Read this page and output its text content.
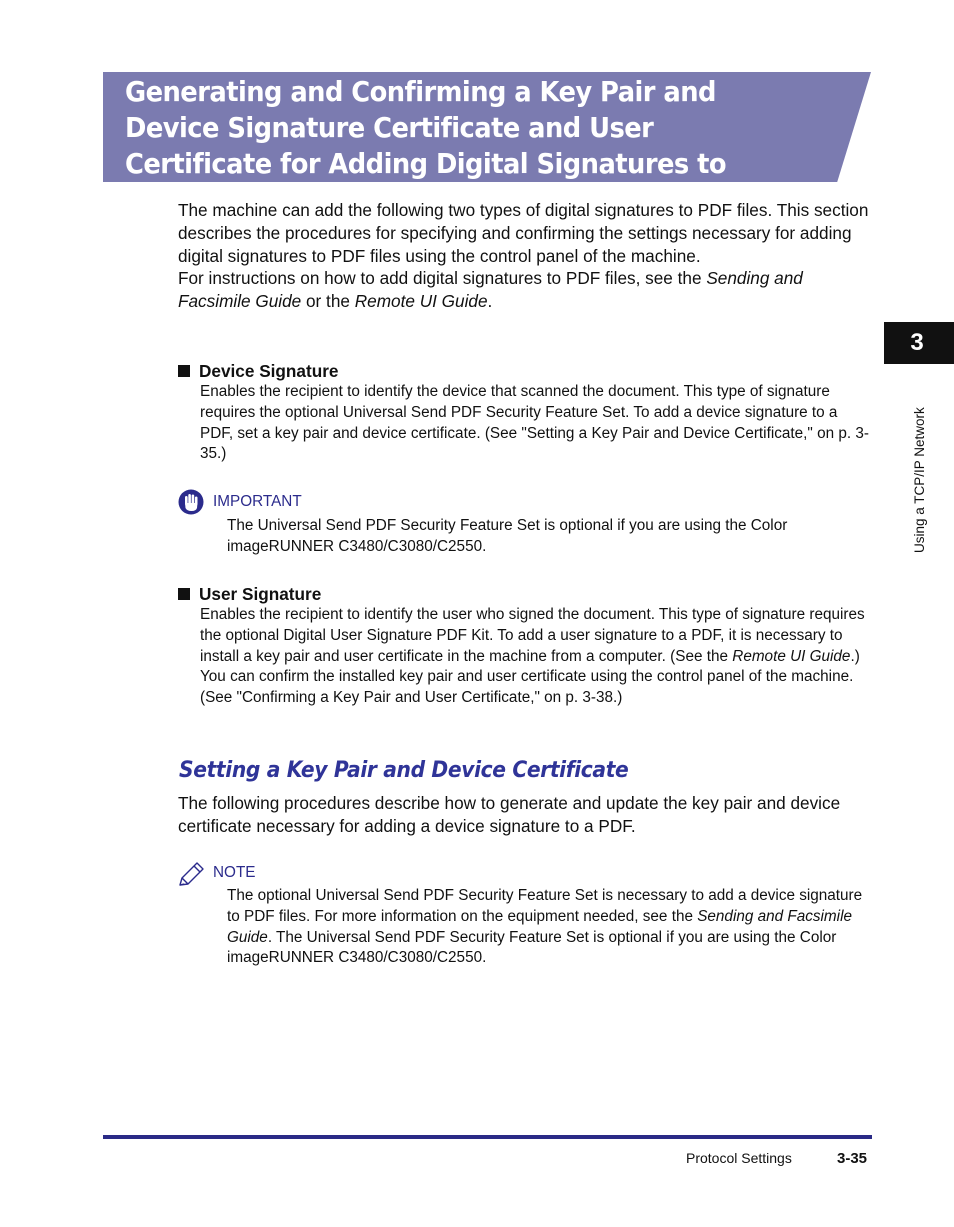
Generating and Confirming a Key Pair and Device Signature Certificate and User Certificate for Adding Digital Signatures to PDF Files

The machine can add the following two types of digital signatures to PDF files. This section describes the procedures for specifying and confirming the settings necessary for adding digital signatures to PDF files using the control panel of the machine.

For instructions on how to add digital signatures to PDF files, see the Sending and Facsimile Guide or the Remote UI Guide.

Device Signature

Enables the recipient to identify the device that scanned the document. This type of signature requires the optional Universal Send PDF Security Feature Set. To add a device signature to a PDF, set a key pair and device certificate. (See "Setting a Key Pair and Device Certificate," on p. 3-35.)

IMPORTANT

The Universal Send PDF Security Feature Set is optional if you are using the Color imageRUNNER C3480/C3080/C2550.

User Signature

Enables the recipient to identify the user who signed the document. This type of signature requires the optional Digital User Signature PDF Kit. To add a user signature to a PDF, it is necessary to install a key pair and user certificate in the machine from a computer. (See the Remote UI Guide.) You can confirm the installed key pair and user certificate using the control panel of the machine. (See "Confirming a Key Pair and User Certificate," on p. 3-38.)

Setting a Key Pair and Device Certificate

The following procedures describe how to generate and update the key pair and device certificate necessary for adding a device signature to a PDF.

NOTE

The optional Universal Send PDF Security Feature Set is necessary to add a device signature to PDF files. For more information on the equipment needed, see the Sending and Facsimile Guide. The Universal Send PDF Security Feature Set is optional if you are using the Color imageRUNNER C3480/C3080/C2550.

3
Using a TCP/IP Network
Protocol Settings	3-35
